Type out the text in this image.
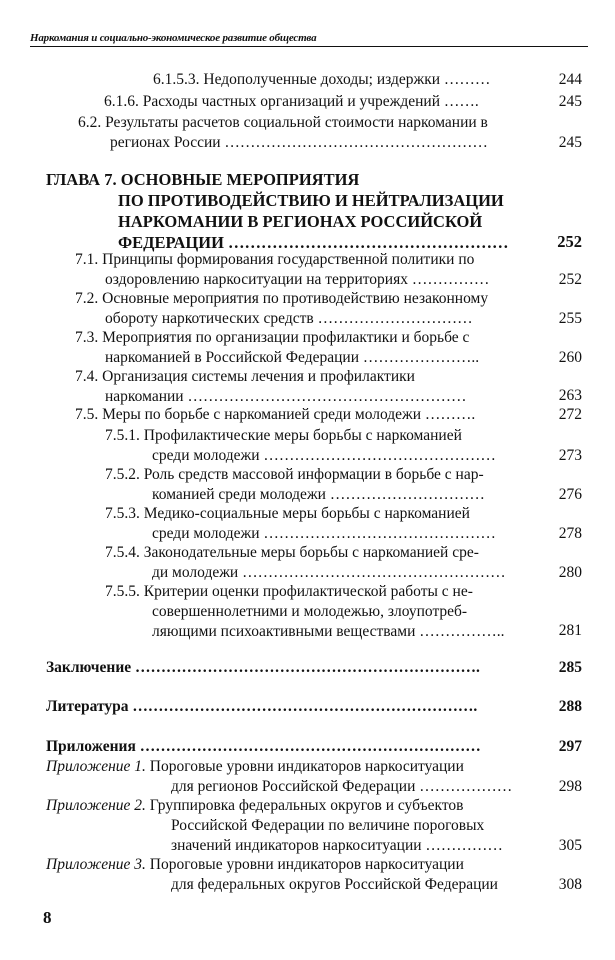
Наркомания и социально-экономическое развитие общества
6.1.5.3. Недополученные доходы; издержки ………	244
6.1.6. Расходы частных организаций и учреждений …….	245
6.2. Результаты расчетов социальной стоимости наркомании в
регионах России ……………………………………………	245
ГЛАВА 7. ОСНОВНЫЕ МЕРОПРИЯТИЯ
ПО ПРОТИВОДЕЙСТВИЮ И НЕЙТРАЛИЗАЦИИ
НАРКОМАНИИ В РЕГИОНАХ РОССИЙСКОЙ
ФЕДЕРАЦИИ ……………………………………………	252
7.1. Принципы формирования государственной политики по
оздоровлению наркоситуации на территориях ……………	252
7.2. Основные мероприятия по противодействию незаконному
обороту наркотических средств …………………………	255
7.3. Мероприятия по организации профилактики и борьбе с
наркоманией в Российской Федерации …………………..	260
7.4. Организация системы лечения и профилактики
наркомании ………………………………………………	263
7.5. Меры по борьбе с наркоманией среди молодежи ……….	272
7.5.1. Профилактические меры борьбы с наркоманией
среди молодежи ………………………………………	273
7.5.2. Роль средств массовой информации в борьбе с нар-
команией среди молодежи …………………………	276
7.5.3. Медико-социальные меры борьбы с наркоманией
среди молодежи ………………………………………	278
7.5.4. Законодательные меры борьбы с наркоманией сре-
ди молодежи ……………………………………………	280
7.5.5. Критерии оценки профилактической работы с не-
совершеннолетними и молодежью, злоупотреб-
ляющими психоактивными веществами ……………..	281
Заключение ………………………………………………………….	285
Литература ………………………………………………………….	288
Приложения …………………………………………………………	297
Приложение 1. Пороговые уровни индикаторов наркоситуации
для регионов Российской Федерации ………………	298
Приложение 2. Группировка федеральных округов и субъектов
Российской Федерации по величине пороговых
значений индикаторов наркоситуации ……………	305
Приложение 3. Пороговые уровни индикаторов наркоситуации
для федеральных округов Российской Федерации	308
8
